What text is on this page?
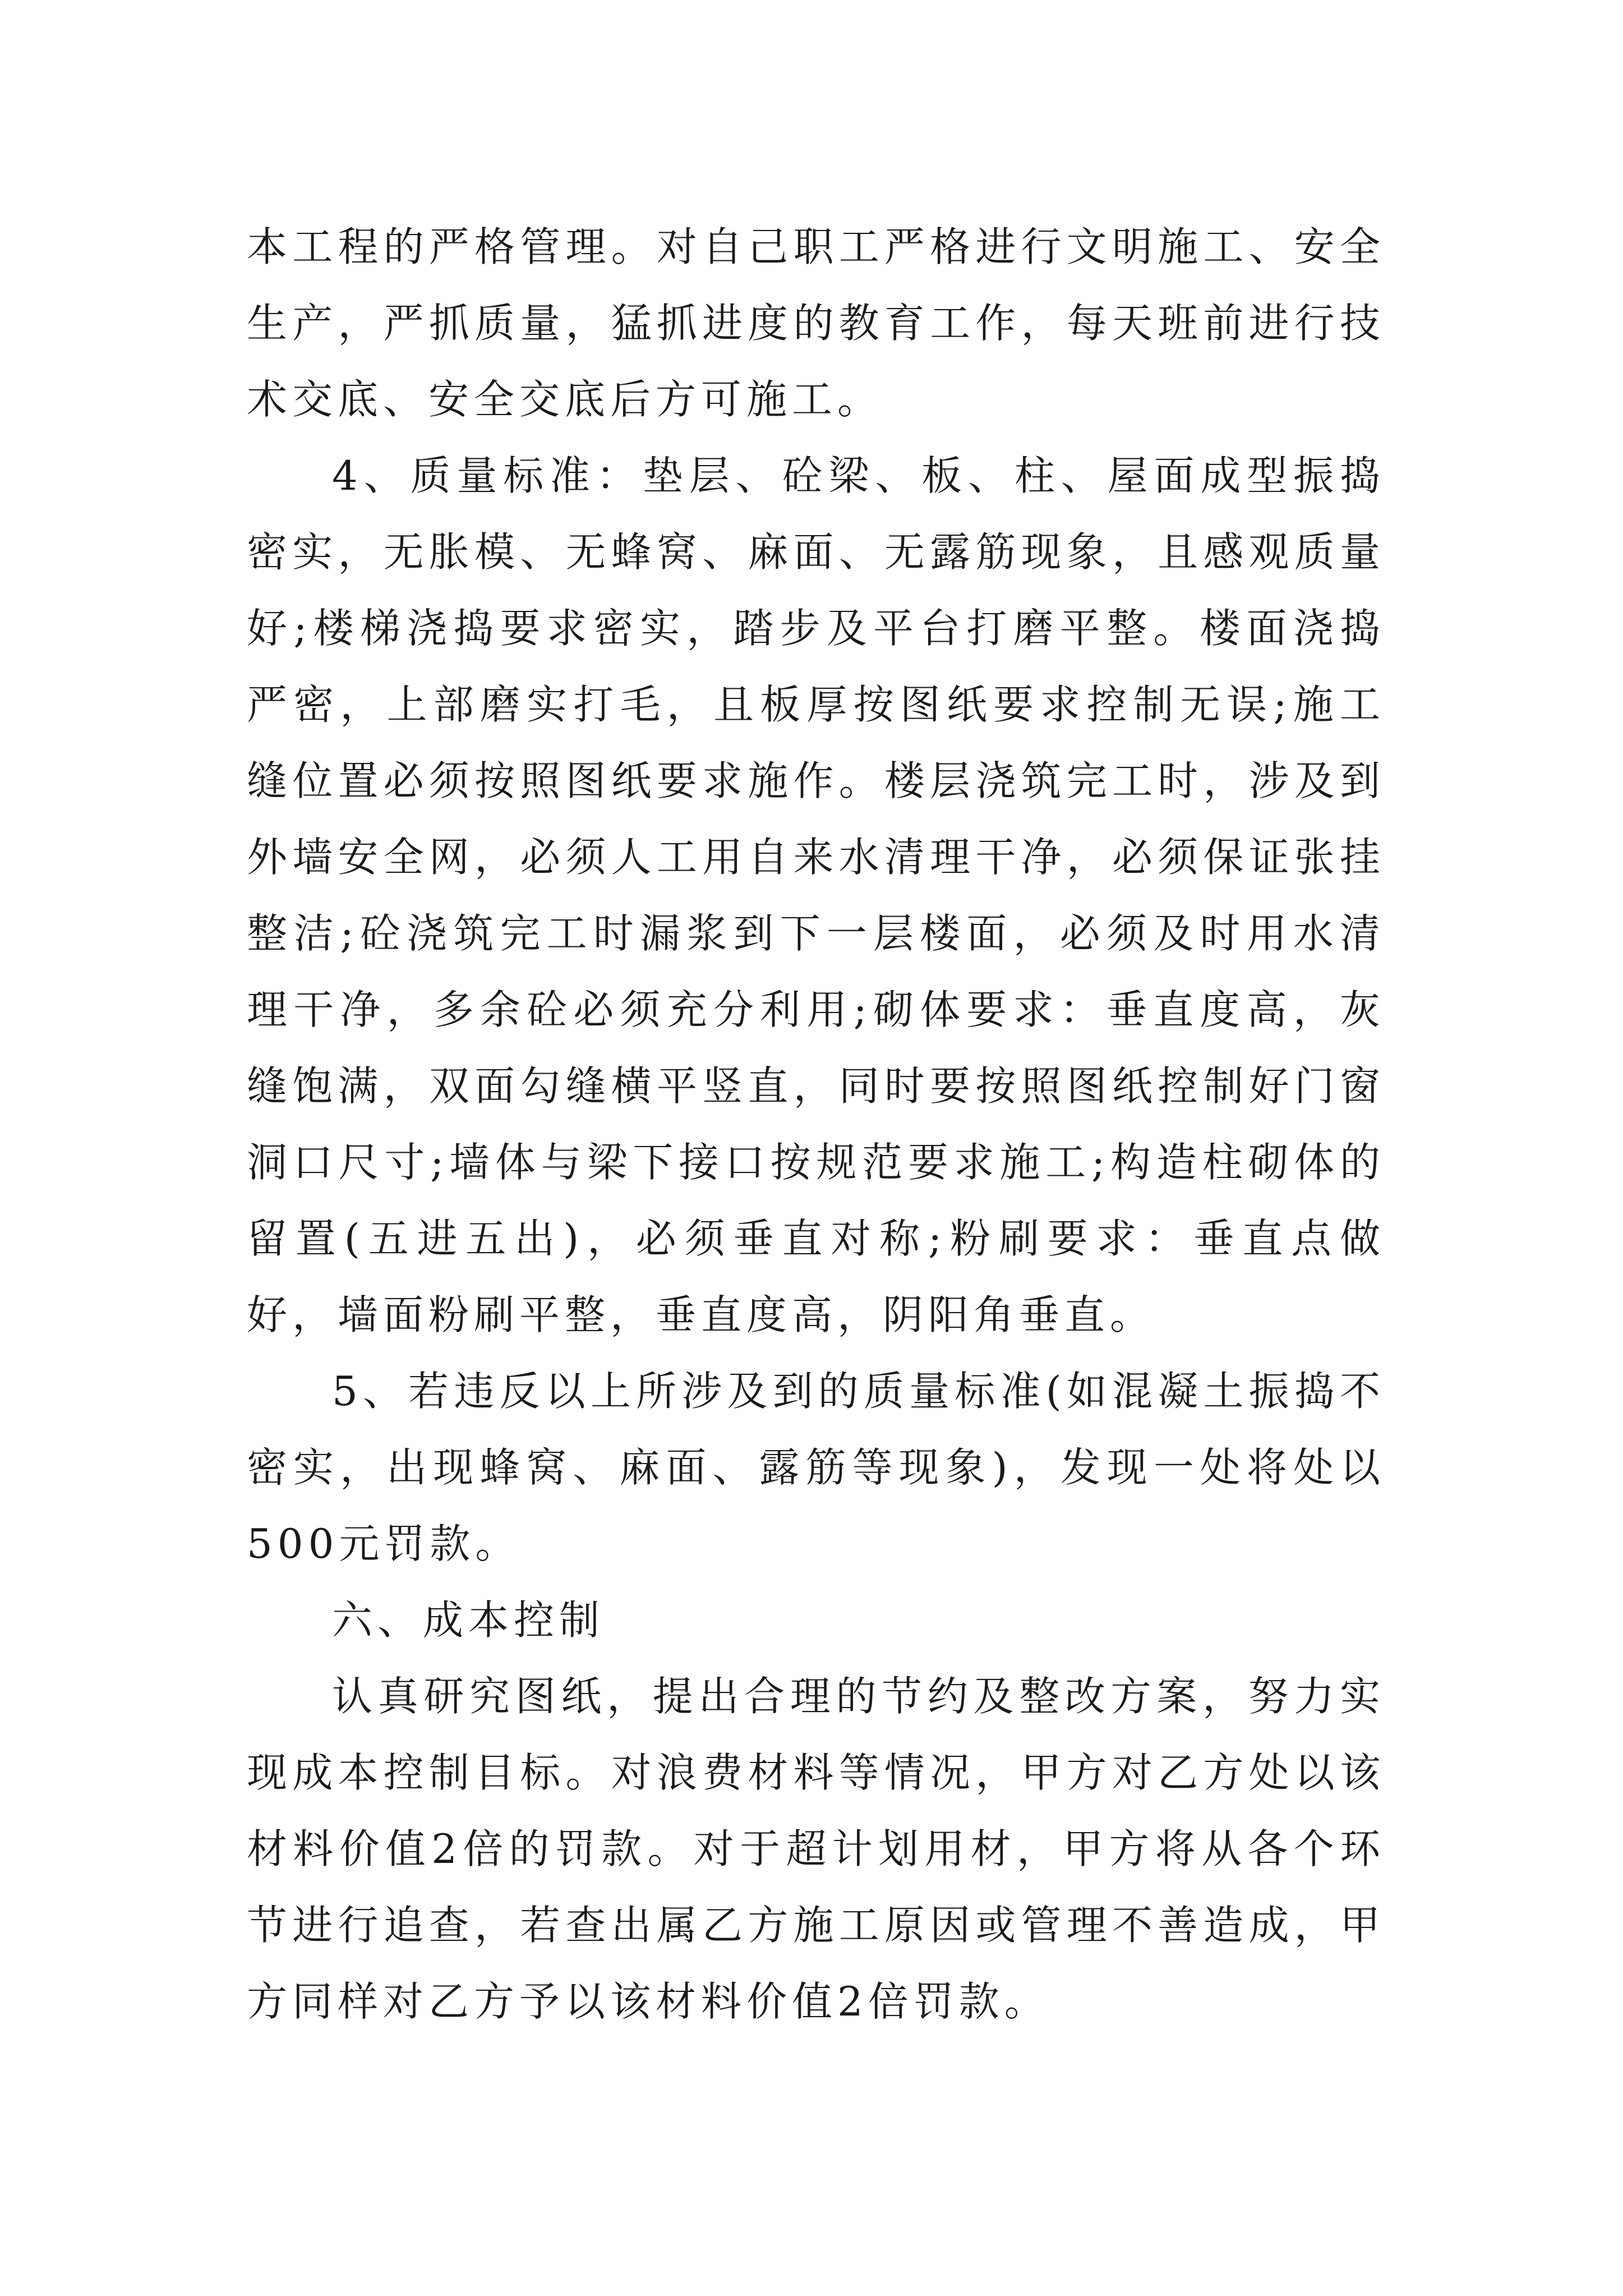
本工程的严格管理。对自己职工严格进行文明施工、安全生产，严抓质量，猛抓进度的教育工作，每天班前进行技术交底、安全交底后方可施工。

4、质量标准：垫层、砼梁、板、柱、屋面成型振捣密实，无胀模、无蜂窝、麻面、无露筋现象，且感观质量好;楼梯浇捣要求密实，踏步及平台打磨平整。楼面浇捣严密，上部磨实打毛，且板厚按图纸要求控制无误;施工缝位置必须按照图纸要求施作。楼层浇筑完工时，涉及到外墙安全网，必须人工用自来水清理干净，必须保证张挂整洁;砼浇筑完工时漏浆到下一层楼面，必须及时用水清理干净，多余砼必须充分利用;砌体要求：垂直度高，灰缝饱满，双面勾缝横平竖直，同时要按照图纸控制好门窗洞口尺寸;墙体与梁下接口按规范要求施工;构造柱砌体的留置(五进五出)，必须垂直对称;粉刷要求：垂直点做好，墙面粉刷平整，垂直度高，阴阳角垂直。

5、若违反以上所涉及到的质量标准(如混凝土振捣不密实，出现蜂窝、麻面、露筋等现象)，发现一处将处以500元罚款。

六、成本控制

认真研究图纸，提出合理的节约及整改方案，努力实现成本控制目标。对浪费材料等情况，甲方对乙方处以该材料价值2倍的罚款。对于超计划用材，甲方将从各个环节进行追查，若查出属乙方施工原因或管理不善造成，甲方同样对乙方予以该材料价值2倍罚款。
